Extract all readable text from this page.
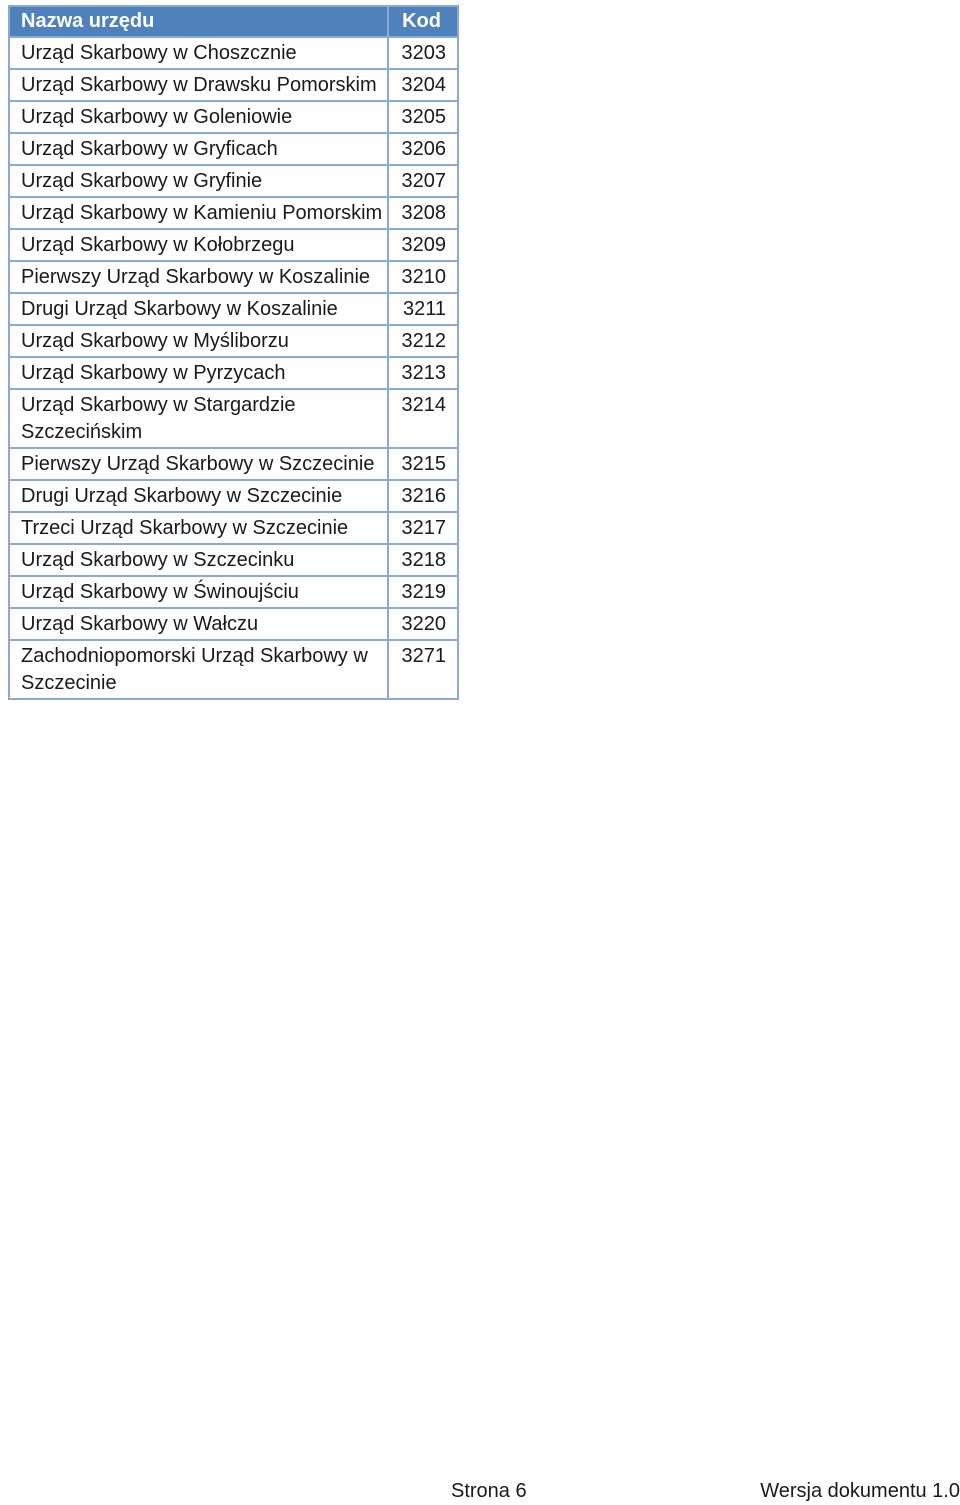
Nazwa urzędu	Kod
Urząd Skarbowy w Choszcznie	3203
Urząd Skarbowy w Drawsku Pomorskim	3204
Urząd Skarbowy w Goleniowie	3205
Urząd Skarbowy w Gryficach	3206
Urząd Skarbowy w Gryfinie	3207
Urząd Skarbowy w Kamieniu Pomorskim	3208
Urząd Skarbowy w Kołobrzegu	3209
Pierwszy Urząd Skarbowy w Koszalinie	3210
Drugi Urząd Skarbowy w Koszalinie	3211
Urząd Skarbowy w Myśliborzu	3212
Urząd Skarbowy w Pyrzycach	3213
Urząd Skarbowy w Stargardzie Szczecińskim	3214
Pierwszy Urząd Skarbowy w Szczecinie	3215
Drugi Urząd Skarbowy w Szczecinie	3216
Trzeci Urząd Skarbowy w Szczecinie	3217
Urząd Skarbowy w Szczecinku	3218
Urząd Skarbowy w Świnoujściu	3219
Urząd Skarbowy w Wałczu	3220
Zachodniopomorski Urząd Skarbowy w Szczecinie	3271
Strona 6	Wersja dokumentu 1.0
